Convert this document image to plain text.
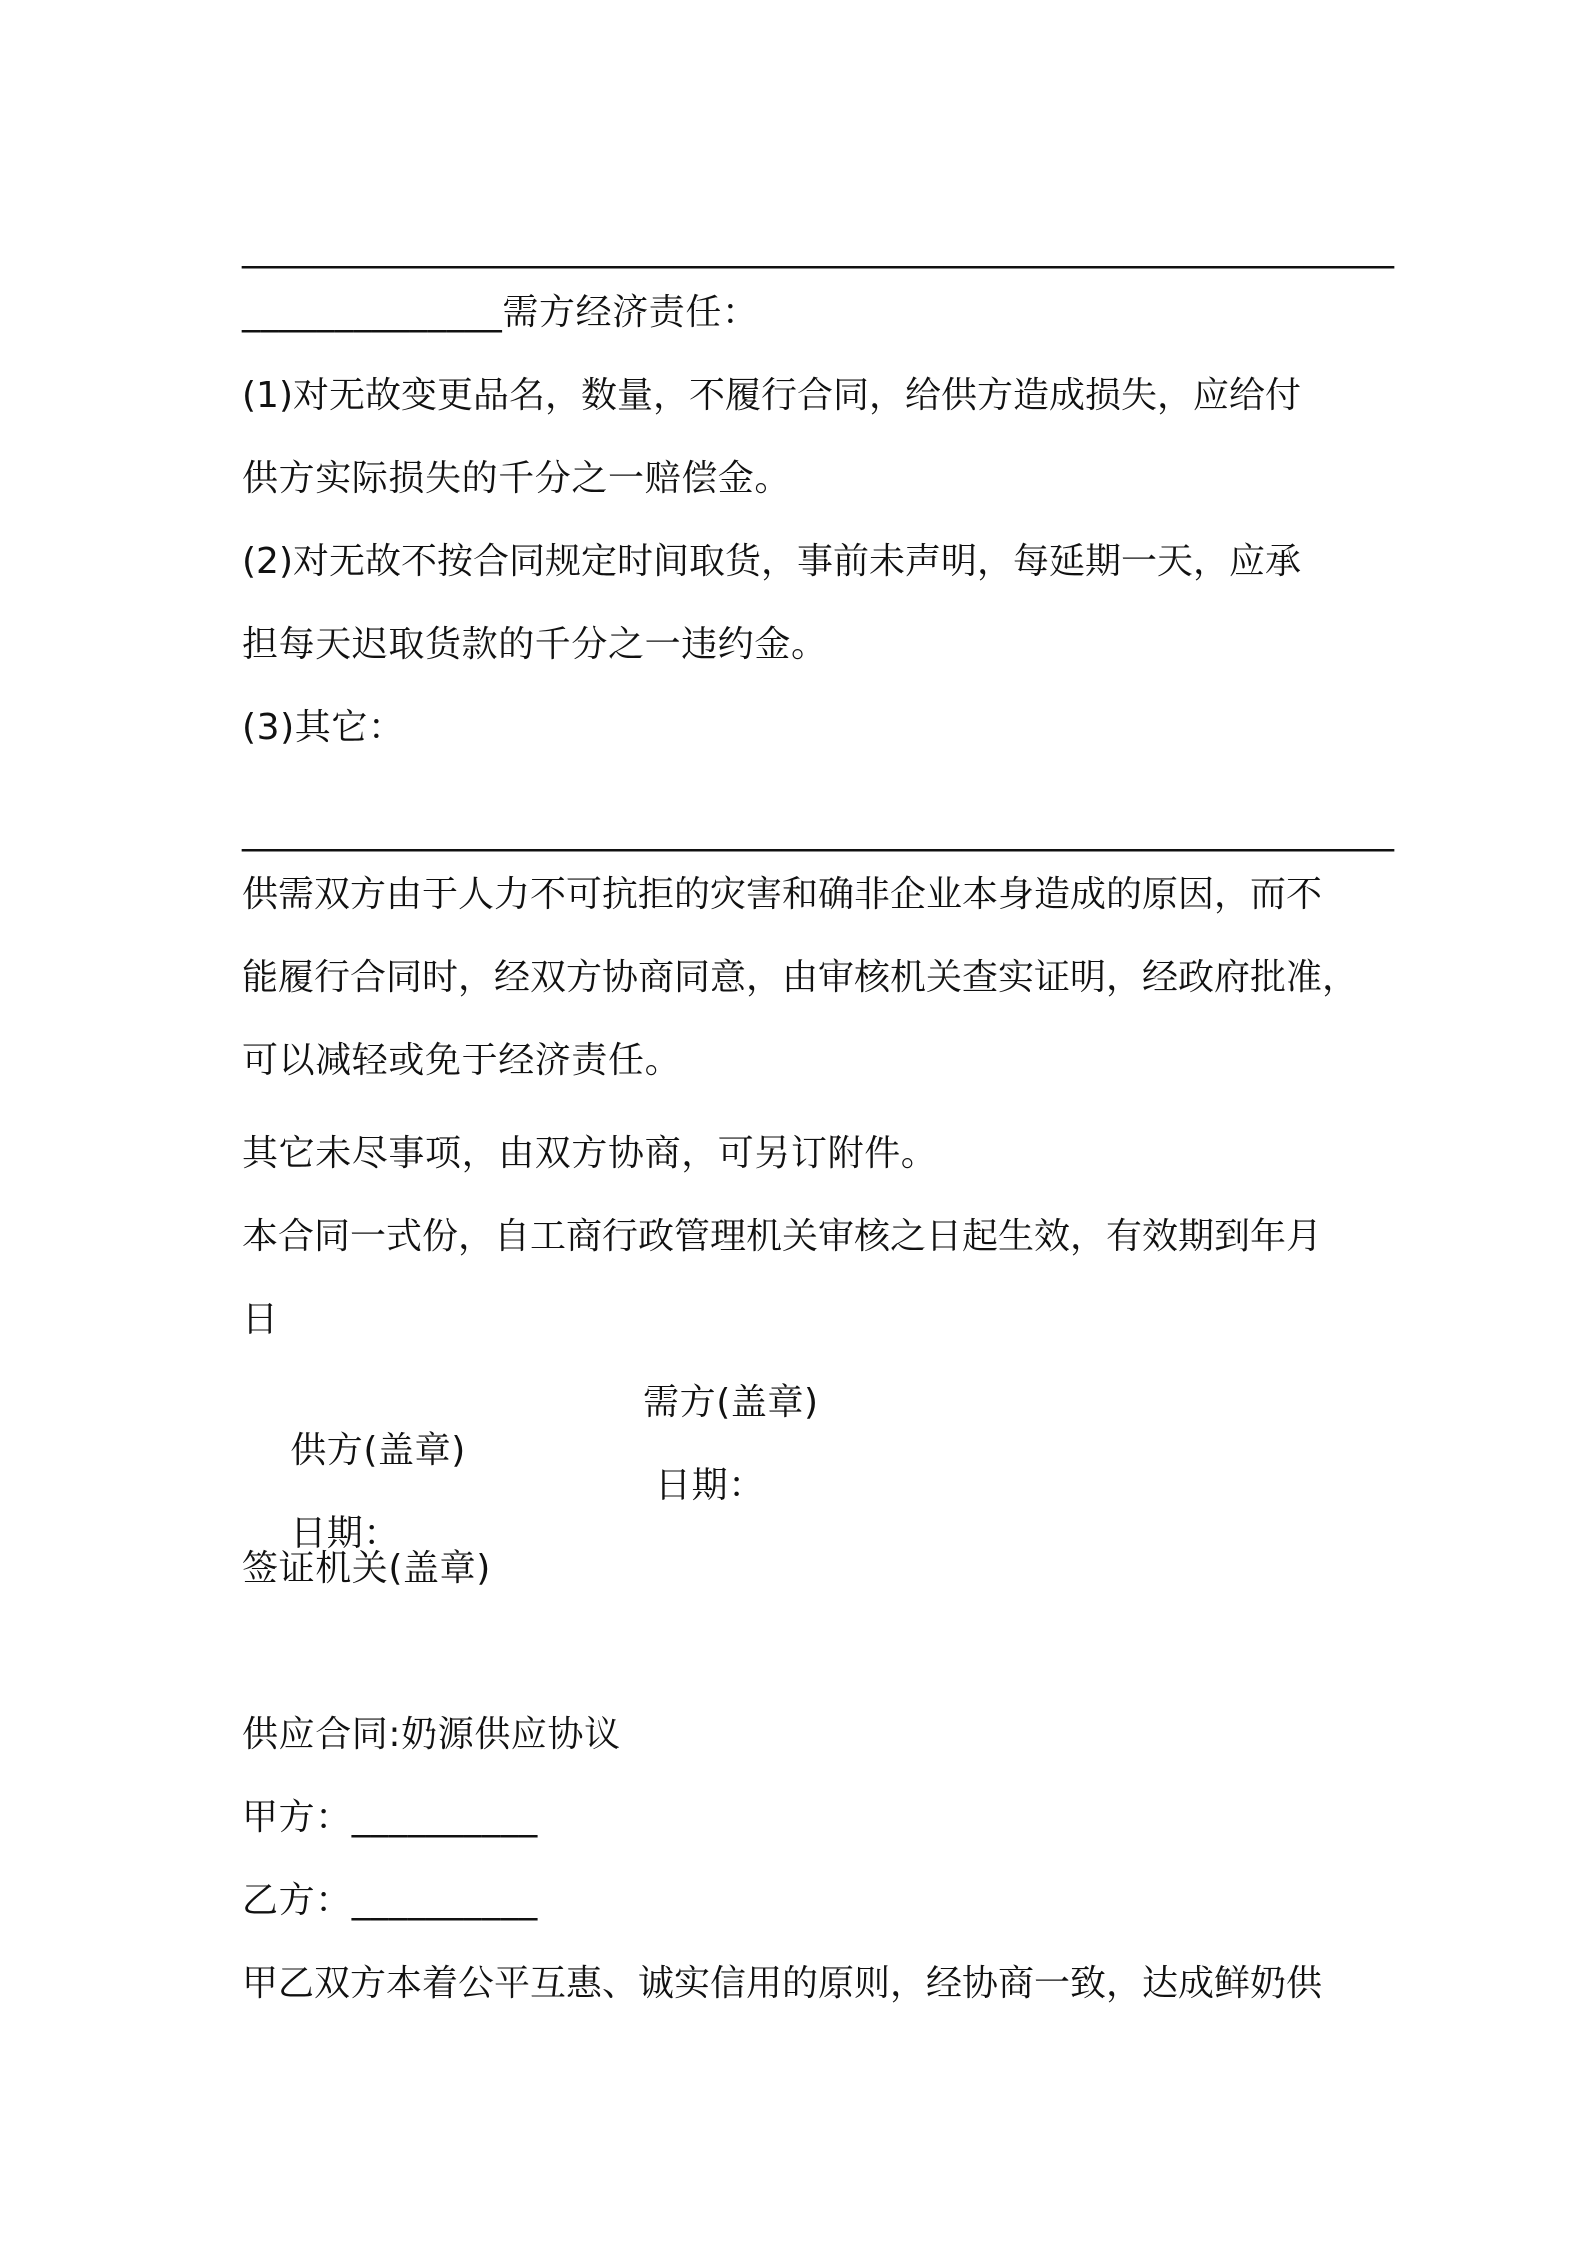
________________________________________________________________
______________需方经济责任：
(1)对无故变更品名，数量，不履行合同，给供方造成损失，应给付
供方实际损失的千分之一赔偿金。
(2)对无故不按合同规定时间取货，事前未声明，每延期一天，应承
担每天迟取货款的千分之一违约金。
(3)其它：
________________________________________________________________
供需双方由于人力不可抗拒的灾害和确非企业本身造成的原因，而不
能履行合同时，经双方协商同意，由审核机关查实证明，经政府批准，
可以减轻或免于经济责任。
其它未尽事项，由双方协商，可另订附件。
本合同一式份，自工商行政管理机关审核之日起生效，有效期到年月
日

供方(盖章)

需方(盖章)

日期：

日期：

签证机关(盖章)
供应合同:奶源供应协议
甲方：__________
乙方：__________
甲乙双方本着公平互惠、诚实信用的原则，经协商一致，达成鲜奶供
